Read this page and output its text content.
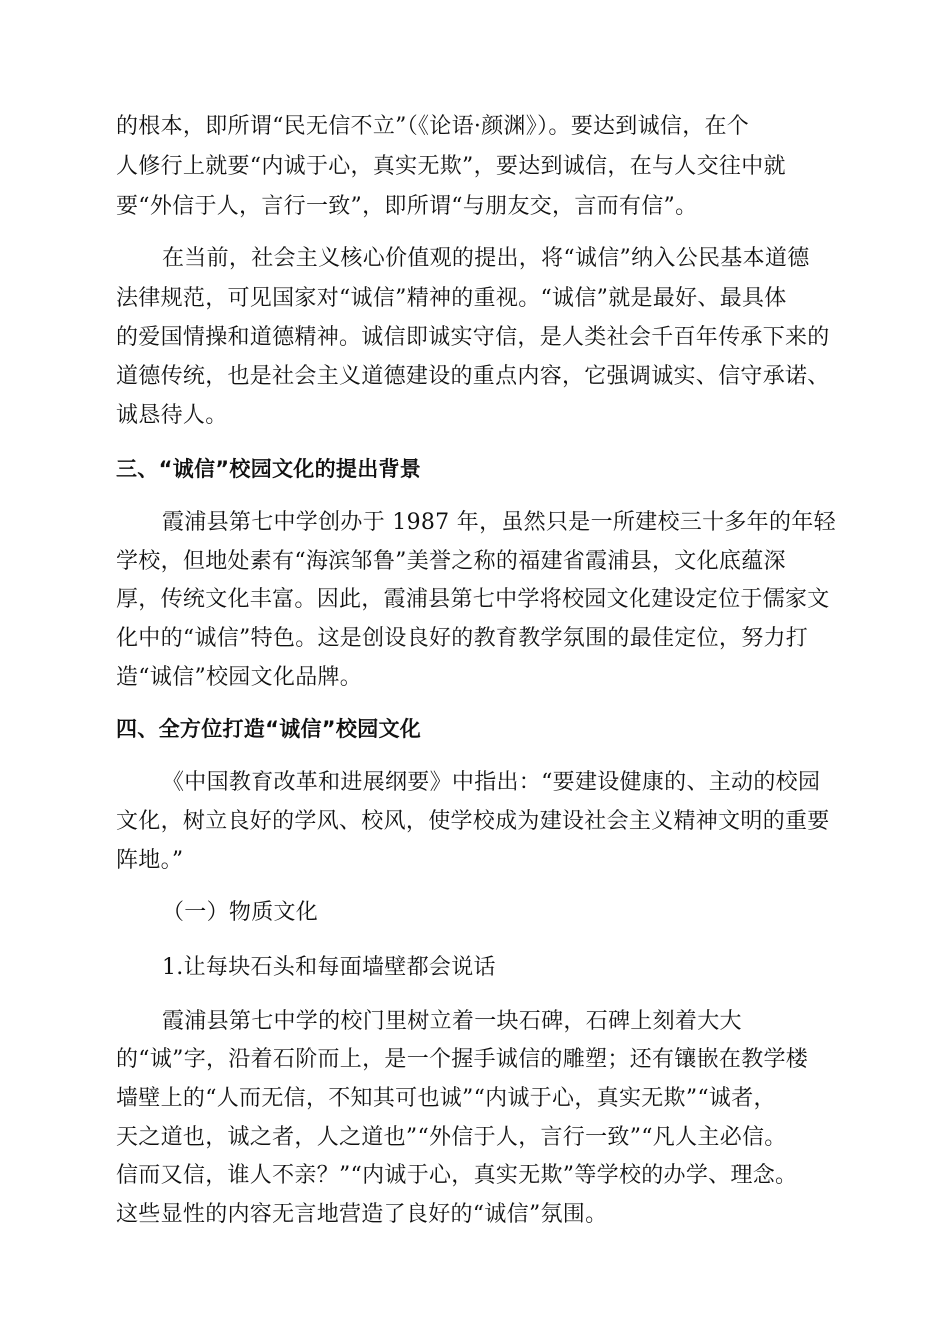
的根本，即所谓“民无信不立”（《论语·颜渊》）。要达到诚信，在个
人修行上就要“内诚于心，真实无欺”，要达到诚信，在与人交往中就
要“外信于人，言行一致”，即所谓“与朋友交，言而有信”。
在当前，社会主义核心价值观的提出，将“诚信”纳入公民基本道德
法律规范，可见国家对“诚信”精神的重视。“诚信”就是最好、最具体
的爱国情操和道德精神。诚信即诚实守信，是人类社会千百年传承下来的
道德传统，也是社会主义道德建设的重点内容，它强调诚实、信守承诺、
诚恳待人。
三、“诚信”校园文化的提出背景
霞浦县第七中学创办于 1987 年，虽然只是一所建校三十多年的年轻
学校，但地处素有“海滨邹鲁”美誉之称的福建省霞浦县，文化底蕴深
厚，传统文化丰富。因此，霞浦县第七中学将校园文化建设定位于儒家文
化中的“诚信”特色。这是创设良好的教育教学氛围的最佳定位，努力打
造“诚信”校园文化品牌。
四、全方位打造“诚信”校园文化
《中国教育改革和进展纲要》中指出：“要建设健康的、主动的校园
文化，树立良好的学风、校风，使学校成为建设社会主义精神文明的重要
阵地。”
（一）物质文化
1.让每块石头和每面墙壁都会说话
霞浦县第七中学的校门里树立着一块石碑，石碑上刻着大大
的“诚”字，沿着石阶而上，是一个握手诚信的雕塑；还有镶嵌在教学楼
墙壁上的“人而无信，不知其可也诚”“内诚于心，真实无欺”“诚者，
天之道也，诚之者，人之道也”“外信于人，言行一致”“凡人主必信。
信而又信，谁人不亲？”“内诚于心，真实无欺”等学校的办学、理念。
这些显性的内容无言地营造了良好的“诚信”氛围。
